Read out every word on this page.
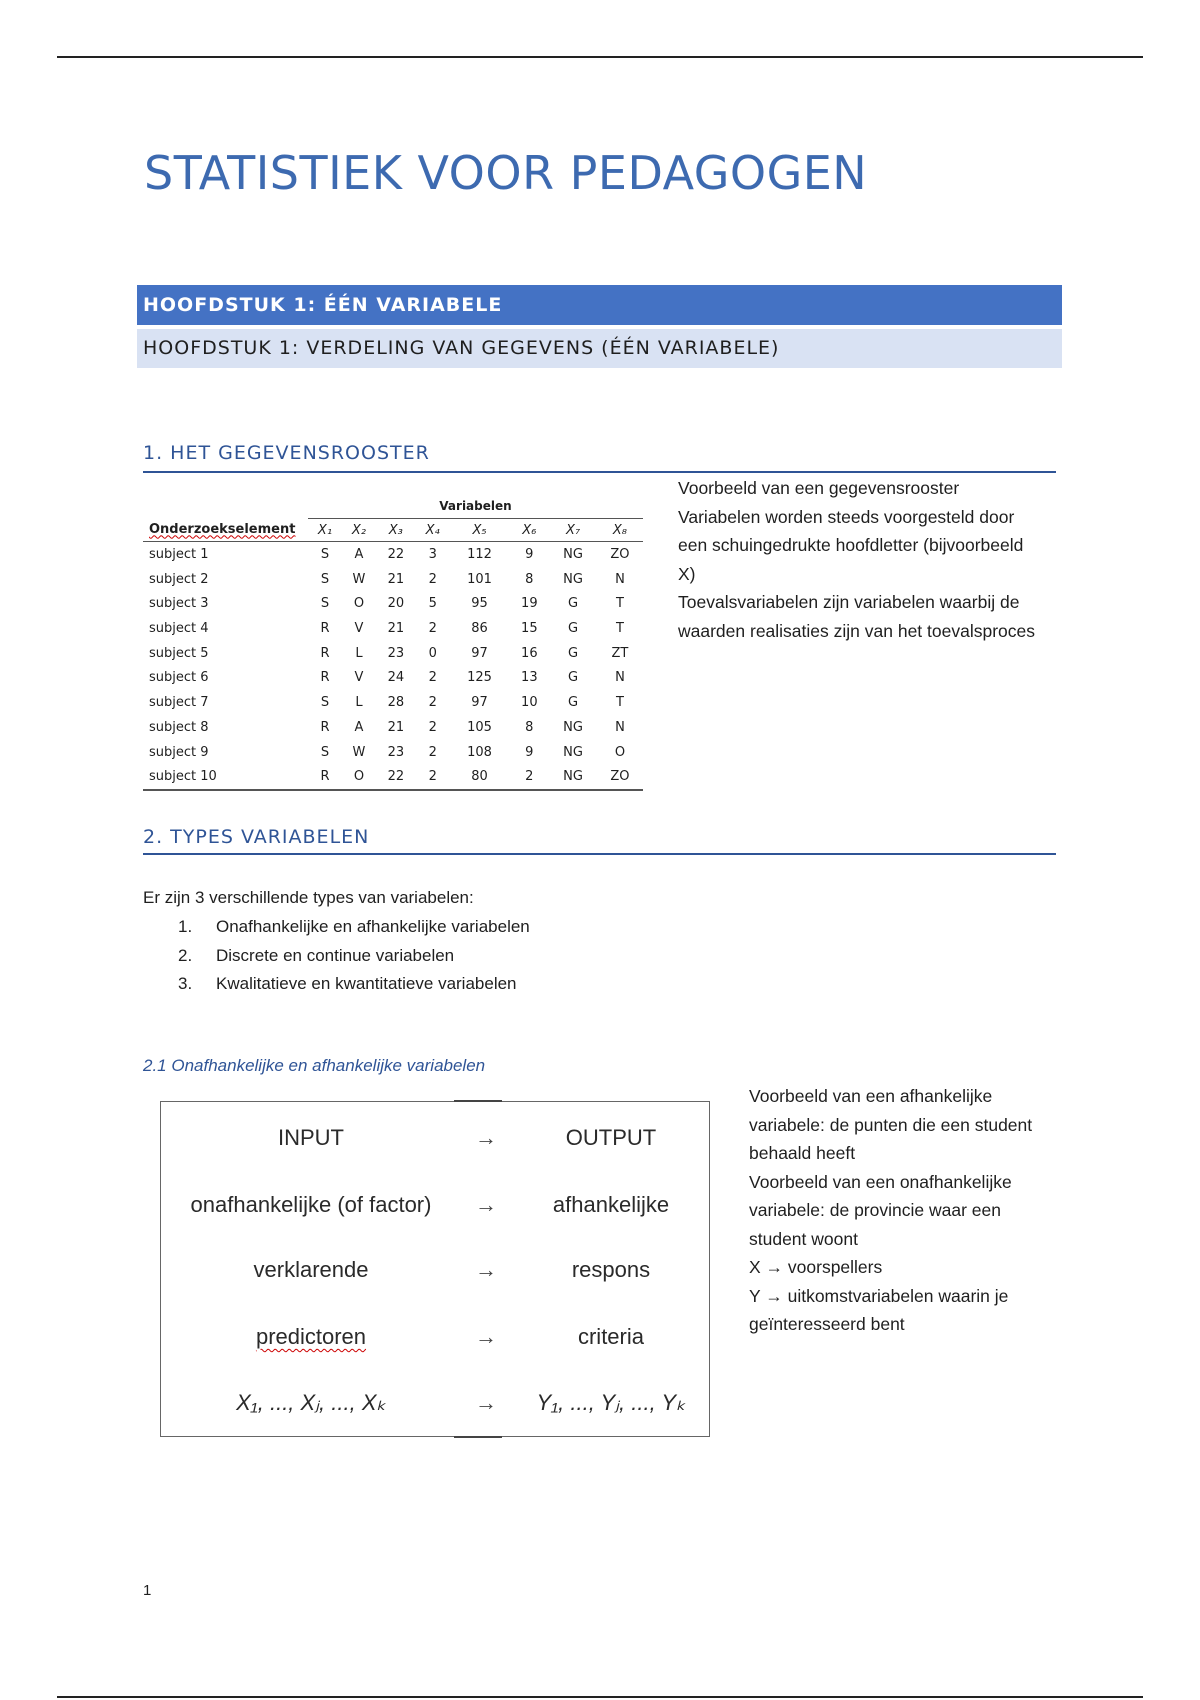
STATISTIEK VOOR PEDAGOGEN
HOOFDSTUK 1: ÉÉN VARIABELE
HOOFDSTUK 1: VERDELING VAN GEGEVENS (ÉÉN VARIABELE)
1. HET GEGEVENSROOSTER
	Variabelen							
Onderzoekselement	X₁	X₂	X₃	X₄	X₅	X₆	X₇	X₈
subject 1	S	A	22	3	112	9	NG	ZO
subject 2	S	W	21	2	101	8	NG	N
subject 3	S	O	20	5	95	19	G	T
subject 4	R	V	21	2	86	15	G	T
subject 5	R	L	23	0	97	16	G	ZT
subject 6	R	V	24	2	125	13	G	N
subject 7	S	L	28	2	97	10	G	T
subject 8	R	A	21	2	105	8	NG	N
subject 9	S	W	23	2	108	9	NG	O
subject 10	R	O	22	2	80	2	NG	ZO
Voorbeeld van een gegevensrooster
Variabelen worden steeds voorgesteld door
een schuingedrukte hoofdletter (bijvoorbeeld
X)
Toevalsvariabelen zijn variabelen waarbij de
waarden realisaties zijn van het toevalsproces
2. TYPES VARIABELEN
Er zijn 3 verschillende types van variabelen:
1. Onafhankelijke en afhankelijke variabelen
2. Discrete en continue variabelen
3. Kwalitatieve en kwantitatieve variabelen
2.1 Onafhankelijke en afhankelijke variabelen
INPUT	→	OUTPUT
onafhankelijke (of factor)	→	afhankelijke
verklarende	→	respons
predictoren	→	criteria
X₁, ..., Xⱼ, ..., Xₖ	→	Y₁, ..., Yⱼ, ..., Yₖ
Voorbeeld van een afhankelijke
variabele: de punten die een student
behaald heeft
Voorbeeld van een onafhankelijke
variabele: de provincie waar een
student woont
X → voorspellers
Y → uitkomstvariabelen waarin je
geïnteresseerd bent
1
